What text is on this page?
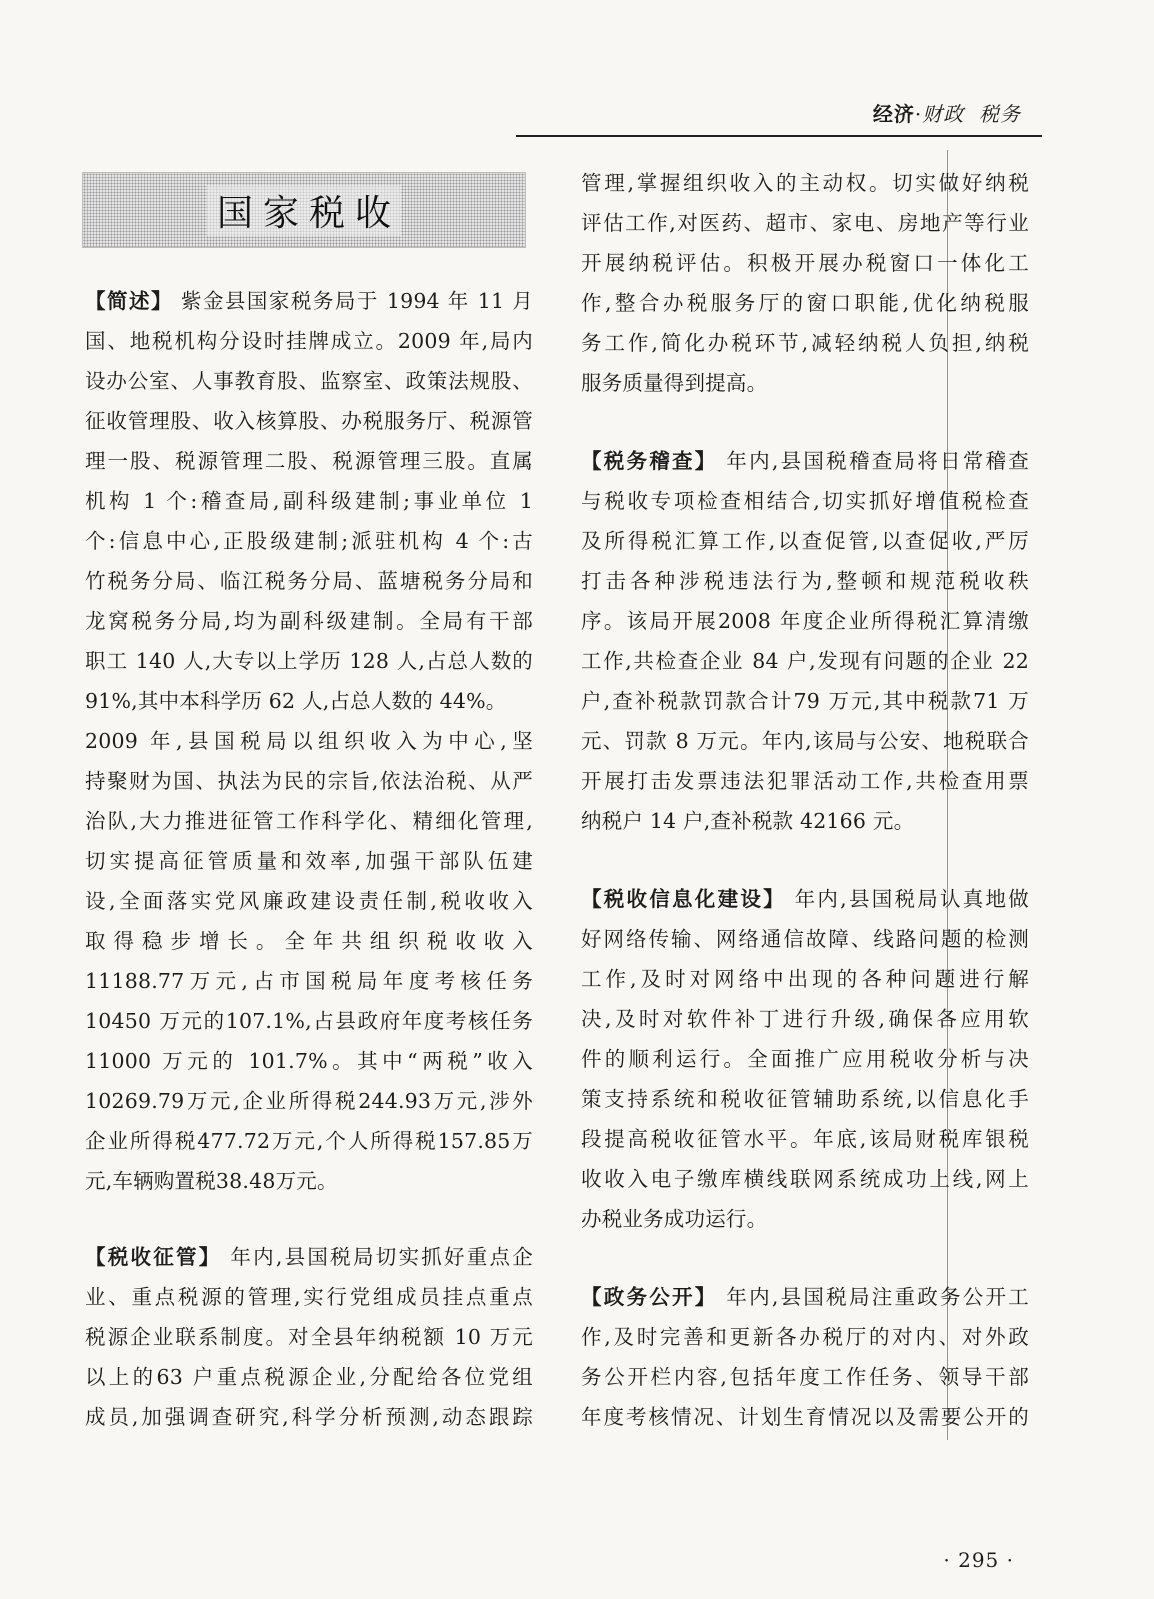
经济·财政 税务
国家税收
【简述】 紫金县国家税务局于 1994 年 11 月
国、地税机构分设时挂牌成立。2009 年,局内
设办公室、人事教育股、监察室、政策法规股、
征收管理股、收入核算股、办税服务厅、税源管
理一股、税源管理二股、税源管理三股。直属
机构 1 个:稽查局,副科级建制;事业单位 1
个:信息中心,正股级建制;派驻机构 4 个:古
竹税务分局、临江税务分局、蓝塘税务分局和
龙窝税务分局,均为副科级建制。全局有干部
职工 140 人,大专以上学历 128 人,占总人数的
91%,其中本科学历 62 人,占总人数的 44%。
2009 年,县国税局以组织收入为中心,坚
持聚财为国、执法为民的宗旨,依法治税、从严
治队,大力推进征管工作科学化、精细化管理,
切实提高征管质量和效率,加强干部队伍建
设,全面落实党风廉政建设责任制,税收收入
取得稳步增长。全年共组织税收收入
11188.77万元,占市国税局年度考核任务
10450 万元的107.1%,占县政府年度考核任务
11000 万元的 101.7%。其中“两税”收入
10269.79万元,企业所得税244.93万元,涉外
企业所得税477.72万元,个人所得税157.85万
元,车辆购置税38.48万元。
【税收征管】 年内,县国税局切实抓好重点企
业、重点税源的管理,实行党组成员挂点重点
税源企业联系制度。对全县年纳税额 10 万元
以上的63 户重点税源企业,分配给各位党组
成员,加强调查研究,科学分析预测,动态跟踪
管理,掌握组织收入的主动权。切实做好纳税
评估工作,对医药、超市、家电、房地产等行业
开展纳税评估。积极开展办税窗口一体化工
作,整合办税服务厅的窗口职能,优化纳税服
务工作,简化办税环节,减轻纳税人负担,纳税
服务质量得到提高。
【税务稽查】 年内,县国税稽查局将日常稽查
与税收专项检查相结合,切实抓好增值税检查
及所得税汇算工作,以查促管,以查促收,严厉
打击各种涉税违法行为,整顿和规范税收秩
序。该局开展2008 年度企业所得税汇算清缴
工作,共检查企业 84 户,发现有问题的企业 22
户,查补税款罚款合计79 万元,其中税款71 万
元、罚款 8 万元。年内,该局与公安、地税联合
开展打击发票违法犯罪活动工作,共检查用票
纳税户 14 户,查补税款 42166 元。
【税收信息化建设】 年内,县国税局认真地做
好网络传输、网络通信故障、线路问题的检测
工作,及时对网络中出现的各种问题进行解
决,及时对软件补丁进行升级,确保各应用软
件的顺利运行。全面推广应用税收分析与决
策支持系统和税收征管辅助系统,以信息化手
段提高税收征管水平。年底,该局财税库银税
收收入电子缴库横线联网系统成功上线,网上
办税业务成功运行。
【政务公开】 年内,县国税局注重政务公开工
作,及时完善和更新各办税厅的对内、对外政
务公开栏内容,包括年度工作任务、领导干部
年度考核情况、计划生育情况以及需要公开的
· 295 ·
